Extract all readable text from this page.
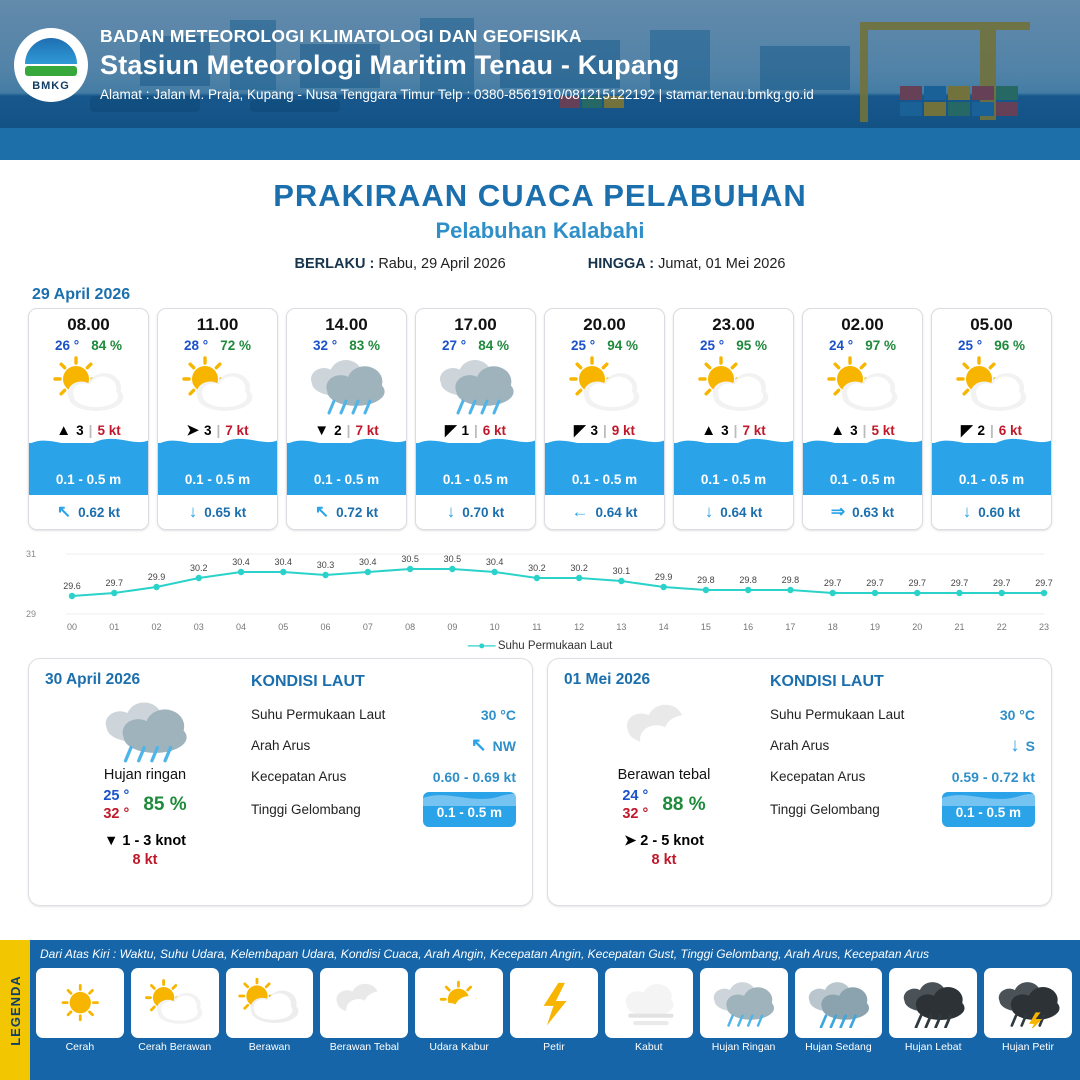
BMKG
BADAN METEOROLOGI KLIMATOLOGI DAN GEOFISIKA
Stasiun Meteorologi Maritim Tenau - Kupang
Alamat : Jalan M. Praja, Kupang - Nusa Tenggara Timur Telp : 0380-8561910/081215122192 | stamar.tenau.bmkg.go.id
PRAKIRAAN CUACA PELABUHAN
Pelabuhan Kalabahi
BERLAKU : Rabu, 29 April 2026	HINGGA : Jumat, 01 Mei 2026
29 April 2026
08.00
26 ° 84 %
▲ 3 | 5 kt
0.1 - 0.5 m
↖ 0.62 kt
11.00
28 ° 72 %
➤ 3 | 7 kt
0.1 - 0.5 m
↓ 0.65 kt
14.00
32 ° 83 %
▼ 2 | 7 kt
0.1 - 0.5 m
↖ 0.72 kt
17.00
27 ° 84 %
◤ 1 | 6 kt
0.1 - 0.5 m
↓ 0.70 kt
20.00
25 ° 94 %
◤ 3 | 9 kt
0.1 - 0.5 m
← 0.64 kt
23.00
25 ° 95 %
▲ 3 | 7 kt
0.1 - 0.5 m
↓ 0.64 kt
02.00
24 ° 97 %
▲ 3 | 5 kt
0.1 - 0.5 m
⇒ 0.63 kt
05.00
25 ° 96 %
◤ 2 | 6 kt
0.1 - 0.5 m
↓ 0.60 kt
31
29
29.6	29.7
29.9
30.2
30.4	30.4	30.3	30.4	30.5	30.5	30.4
30.2	30.2	30.1
29.9	29.8	29.8	29.8	29.7	29.7	29.7	29.7	29.7	29.7
00	01	02	03	04	05	06	07	08	09	10	11	12	13	14	15	16	17	18	19	20	21	22	23
—●— Suhu Permukaan Laut
30 April 2026
Hujan ringan
25 °
32 ° 85 %
▼ 1 - 3 knot
8 kt
KONDISI LAUT
Suhu Permukaan Laut	30 °C
Arah Arus	↖ NW
Kecepatan Arus	0.60 - 0.69 kt
Tinggi Gelombang	0.1 - 0.5 m
01 Mei 2026
Berawan tebal
24 °
32 ° 88 %
➤ 2 - 5 knot
8 kt
KONDISI LAUT
Suhu Permukaan Laut	30 °C
Arah Arus	↓ S
Kecepatan Arus	0.59 - 0.72 kt
Tinggi Gelombang	0.1 - 0.5 m
LEGENDA
Dari Atas Kiri : Waktu, Suhu Udara, Kelembapan Udara, Kondisi Cuaca, Arah Angin, Kecepatan Angin, Kecepatan Gust, Tinggi Gelombang, Arah Arus, Kecepatan Arus
Cerah	Cerah Berawan	Berawan	Berawan Tebal	Udara Kabur	Petir	Kabut	Hujan Ringan	Hujan Sedang	Hujan Lebat	Hujan Petir
